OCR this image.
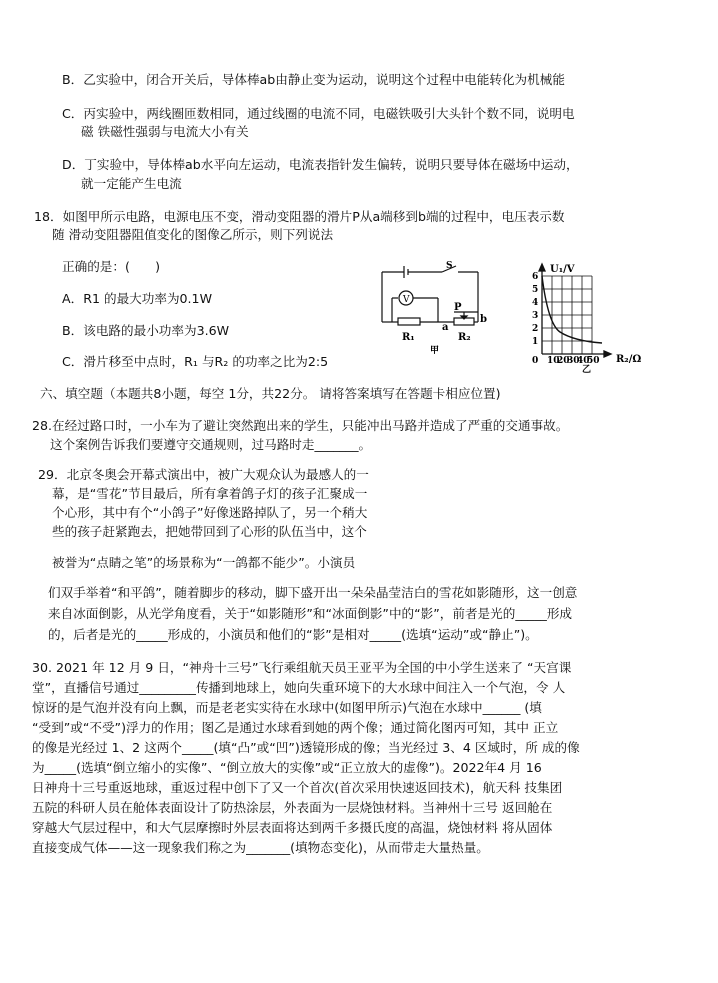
B．乙实验中，闭合开关后，导体棒ab由静止变为运动，说明这个过程中电能转化为机械能
C．丙实验中，两线圈匝数相同，通过线圈的电流不同，电磁铁吸引大头针个数不同，说明电
磁 铁磁性强弱与电流大小有关
D．丁实验中，导体棒ab水平向左运动，电流表指针发生偏转，说明只要导体在磁场中运动，
就一定能产生电流
18．如图甲所示电路，电源电压不变，滑动变阻器的滑片P从a端移到b端的过程中，电压表示数
随 滑动变阻器阻值变化的图像乙所示，则下列说法
正确的是：(　　)
A．R1 的最大功率为0.1W
B．该电路的最小功率为3.6W
C．滑片移至中点时，R₁ 与R₂ 的功率之比为2:5
V
S
P
a
b
R₁	R₂
甲
1
2
3
4
5
6
0 10
20
30
40
50
U₁/V
R₂/Ω
乙
六、填空题（本题共8小题，每空 1分，共22分。 请将答案填写在答题卡相应位置)
28.在经过路口时，一小车为了避让突然跑出来的学生，只能冲出马路并造成了严重的交通事故。
这个案例告诉我们要遵守交通规则，过马路时走_______。
29．北京冬奥会开幕式演出中，被广大观众认为最感人的一
幕，是“雪花”节目最后，所有拿着鸽子灯的孩子汇聚成一
个心形，其中有个“小鸽子”好像迷路掉队了，另一个稍大
些的孩子赶紧跑去，把她带回到了心形的队伍当中，这个
被誉为“点睛之笔”的场景称为“一鸽都不能少”。小演员
们双手举着“和平鸽”，随着脚步的移动，脚下盛开出一朵朵晶莹洁白的雪花如影随形，这一创意
来自冰面倒影，从光学角度看，关于“如影随形”和“冰面倒影”中的“影”，前者是光的_____形成
的，后者是光的_____形成的，小演员和他们的“影”是相对_____(选填“运动”或“静止”)。
30. 2021 年 12 月 9 日，“神舟十三号”飞行乘组航天员王亚平为全国的中小学生送来了 “天宫课
堂”，直播信号通过_________传播到地球上，她向失重环境下的大水球中间注入一个气泡，令 人
惊讶的是气泡并没有向上飘，而是老老实实待在水球中(如图甲所示)气泡在水球中______ (填
“受到”或“不受”)浮力的作用；图乙是通过水球看到她的两个像；通过简化图丙可知，其中 正立
的像是光经过 1、2 这两个_____(填“凸”或“凹”)透镜形成的像；当光经过 3、4 区域时，所 成的像
为_____(选填“倒立缩小的实像”、“倒立放大的实像”或“正立放大的虚像”)。2022年4 月 16
日神舟十三号重返地球，重返过程中创下了又一个首次(首次采用快速返回技术)，航天科 技集团
五院的科研人员在舱体表面设计了防热涂层，外表面为一层烧蚀材料。当神州十三号 返回舱在
穿越大气层过程中，和大气层摩擦时外层表面将达到两千多摄氏度的高温，烧蚀材料 将从固体
直接变成气体——这一现象我们称之为_______(填物态变化)，从而带走大量热量。
